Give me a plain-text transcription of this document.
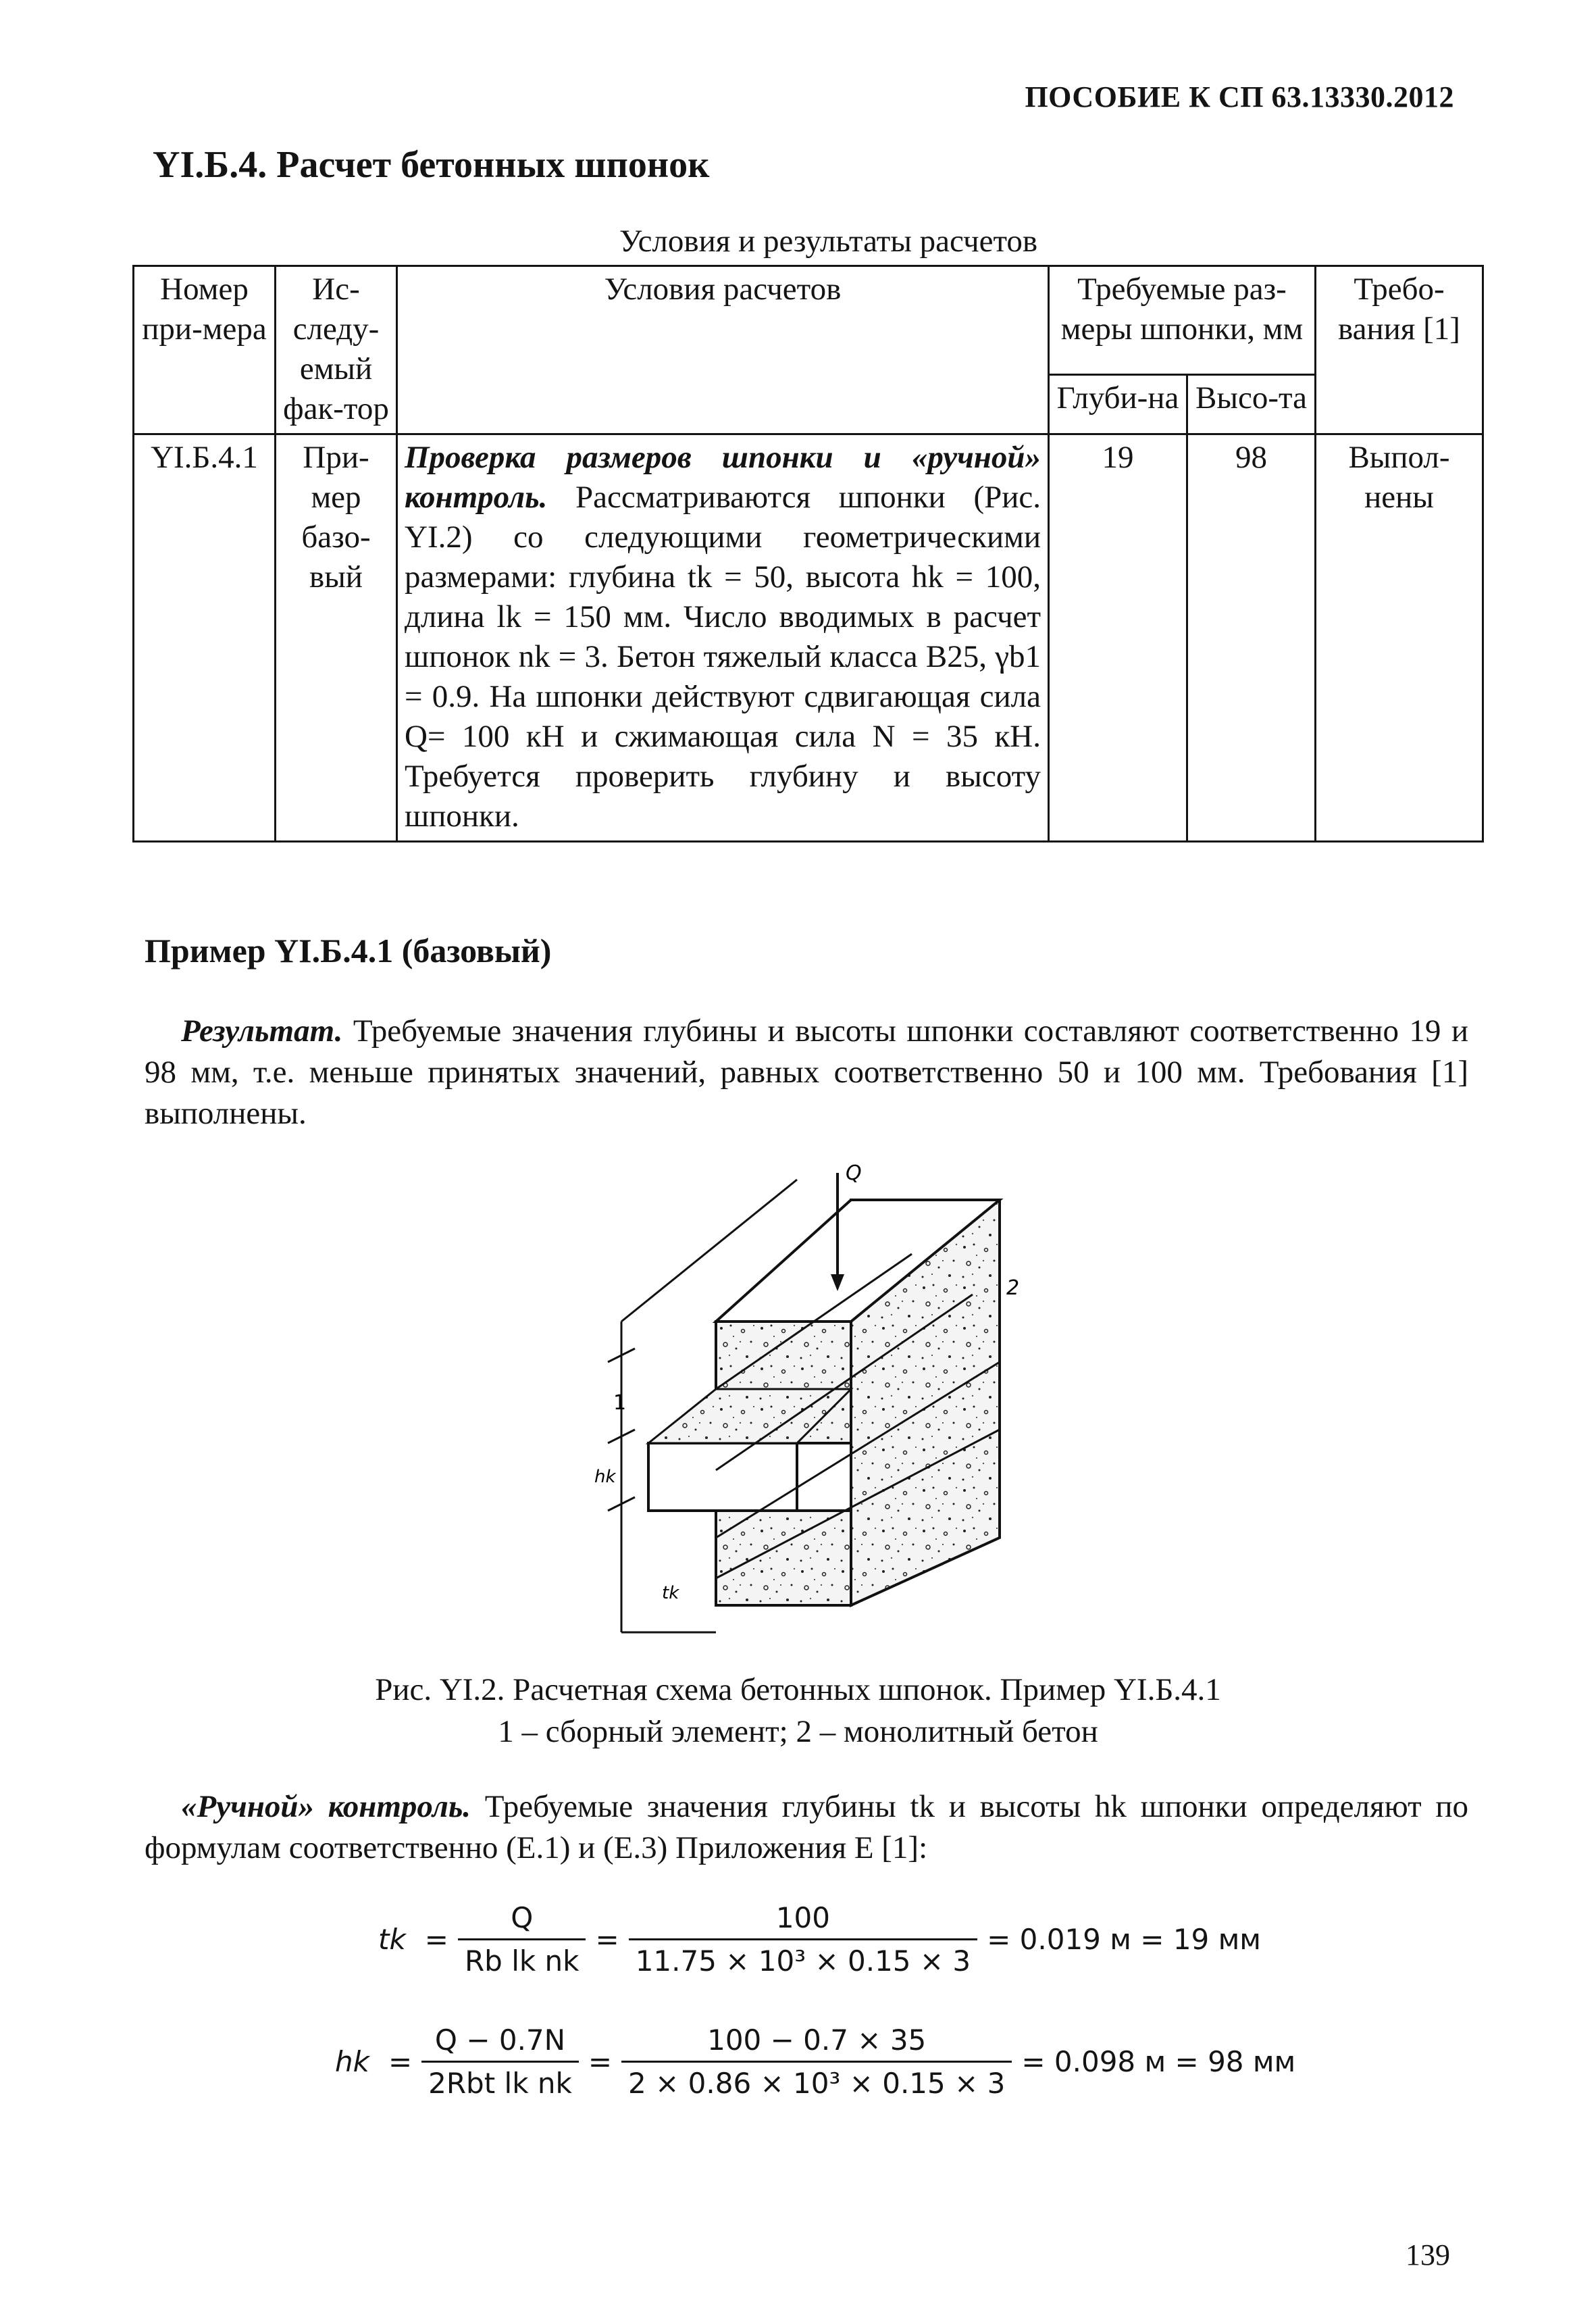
ПОСОБИЕ К СП 63.13330.2012
YI.Б.4. Расчет бетонных шпонок
Условия и результаты расчетов
Номер при-мера	Ис-следу-емый фак-тор	Условия расчетов	Требуемые раз-меры шпонки, мм		Требо-вания [1]
			Глуби-на	Высо-та	
YI.Б.4.1	При-мер базо-вый	Проверка размеров шпонки и «ручной» контроль. Рассматриваются шпонки (Рис. YI.2) со следующими геометрическими размерами: глубина tk = 50, высота hk = 100, длина lk = 150 мм. Число вводимых в расчет шпонок nk = 3. Бетон тяжелый класса В25, γb1 = 0.9. На шпонки действуют сдвигающая сила Q= 100 кН и сжимающая сила N = 35 кН. Требуется проверить глубину и высоту шпонки.	19	98	Выпол-нены
Пример YI.Б.4.1 (базовый)
Результат. Требуемые значения глубины и высоты шпонки составляют соответственно 19 и 98 мм, т.е. меньше принятых значений, равных соответственно 50 и 100 мм. Требования [1] выполнены.
Q
1
2
hk
tk
Рис. YI.2. Расчетная схема бетонных шпонок. Пример YI.Б.4.1
1 – сборный элемент; 2 – монолитный бетон
«Ручной» контроль. Требуемые значения глубины tk и высоты hk шпонки определяют по формулам соответственно (Е.1) и (Е.3) Приложения Е [1]:
tk = $\frac{Q}{\text{Rb lk nk}} = \frac{100}{\text{11.75 × 10³ × 0.15 × 3}} = 0.019$ м = 19 мм
hk = $\frac{Q - 0.7N}{\text{2Rbt lk nk}} = \frac{100 - 0.7 \times 35}{\text{2 × 0.86 × 10³ × 0.15 × 3}} = 0.098$ м = 98 мм
139
